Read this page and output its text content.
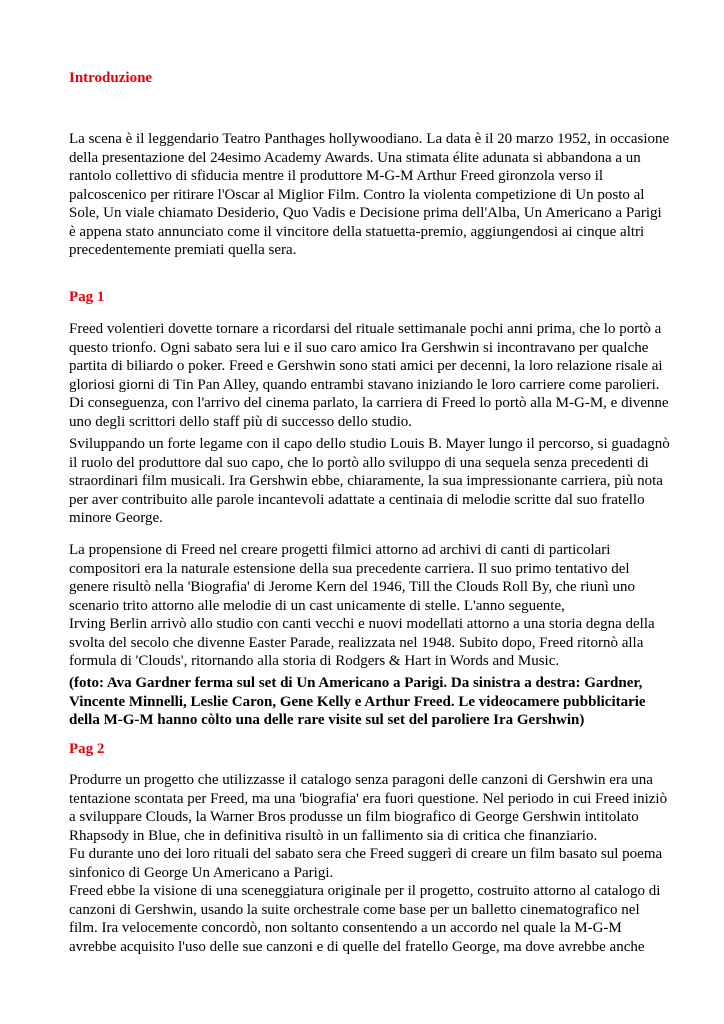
Introduzione

La scena è il leggendario Teatro Panthages hollywoodiano. La data è il 20 marzo 1952, in occasione
della presentazione del 24esimo Academy Awards. Una stimata élite adunata si abbandona a un
rantolo collettivo di sfiducia mentre il produttore M-G-M Arthur Freed gironzola verso il
palcoscenico per ritirare l'Oscar al Miglior Film. Contro la violenta competizione di Un posto al
Sole, Un viale chiamato Desiderio, Quo Vadis e Decisione prima dell'Alba, Un Americano a Parigi
è appena stato annunciato come il vincitore della statuetta-premio, aggiungendosi ai cinque altri
precedentemente premiati quella sera.

Pag 1

Freed volentieri dovette tornare a ricordarsi del rituale settimanale pochi anni prima, che lo portò a
questo trionfo. Ogni sabato sera lui e il suo caro amico Ira Gershwin si incontravano per qualche
partita di biliardo o poker. Freed e Gershwin sono stati amici per decenni, la loro relazione risale ai
gloriosi giorni di Tin Pan Alley, quando entrambi stavano iniziando le loro carriere come parolieri.
Di conseguenza, con l'arrivo del cinema parlato, la carriera di Freed lo portò alla M-G-M, e divenne
uno degli scrittori dello staff più di successo dello studio.

Sviluppando un forte legame con il capo dello studio Louis B. Mayer lungo il percorso, si guadagnò
il ruolo del produttore dal suo capo, che lo portò allo sviluppo di una sequela senza precedenti di
straordinari film musicali. Ira Gershwin ebbe, chiaramente, la sua impressionante carriera, più nota
per aver contribuito alle parole incantevoli adattate a centinaia di melodie scritte dal suo fratello
minore George.

La propensione di Freed nel creare progetti filmici attorno ad archivi di canti di particolari
compositori era la naturale estensione della sua precedente carriera. Il suo primo tentativo del
genere risultò nella 'Biografia' di Jerome Kern del 1946, Till the Clouds Roll By, che riunì uno
scenario trito attorno alle melodie di un cast unicamente di stelle. L'anno seguente,
Irving Berlin arrivò allo studio con canti vecchi e nuovi modellati attorno a una storia degna della
svolta del secolo che divenne Easter Parade, realizzata nel 1948. Subito dopo, Freed ritornò alla
formula di 'Clouds', ritornando alla storia di Rodgers & Hart in Words and Music.

(foto: Ava Gardner ferma sul set di Un Americano a Parigi. Da sinistra a destra: Gardner,
Vincente Minnelli, Leslie Caron, Gene Kelly e Arthur Freed. Le videocamere pubblicitarie
della M-G-M hanno còlto una delle rare visite sul set del paroliere Ira Gershwin)

Pag 2

Produrre un progetto che utilizzasse il catalogo senza paragoni delle canzoni di Gershwin era una
tentazione scontata per Freed, ma una 'biografia' era fuori questione. Nel periodo in cui Freed iniziò
a sviluppare Clouds, la Warner Bros produsse un film biografico di George Gershwin intitolato
Rhapsody in Blue, che in definitiva risultò in un fallimento sia di critica che finanziario.
Fu durante uno dei loro rituali del sabato sera che Freed suggerì di creare un film basato sul poema
sinfonico di George Un Americano a Parigi.
Freed ebbe la visione di una sceneggiatura originale per il progetto, costruito attorno al catalogo di
canzoni di Gershwin, usando la suite orchestrale come base per un balletto cinematografico nel
film. Ira velocemente concordò, non soltanto consentendo a un accordo nel quale la M-G-M
avrebbe acquisito l'uso delle sue canzoni e di quelle del fratello George, ma dove avrebbe anche
